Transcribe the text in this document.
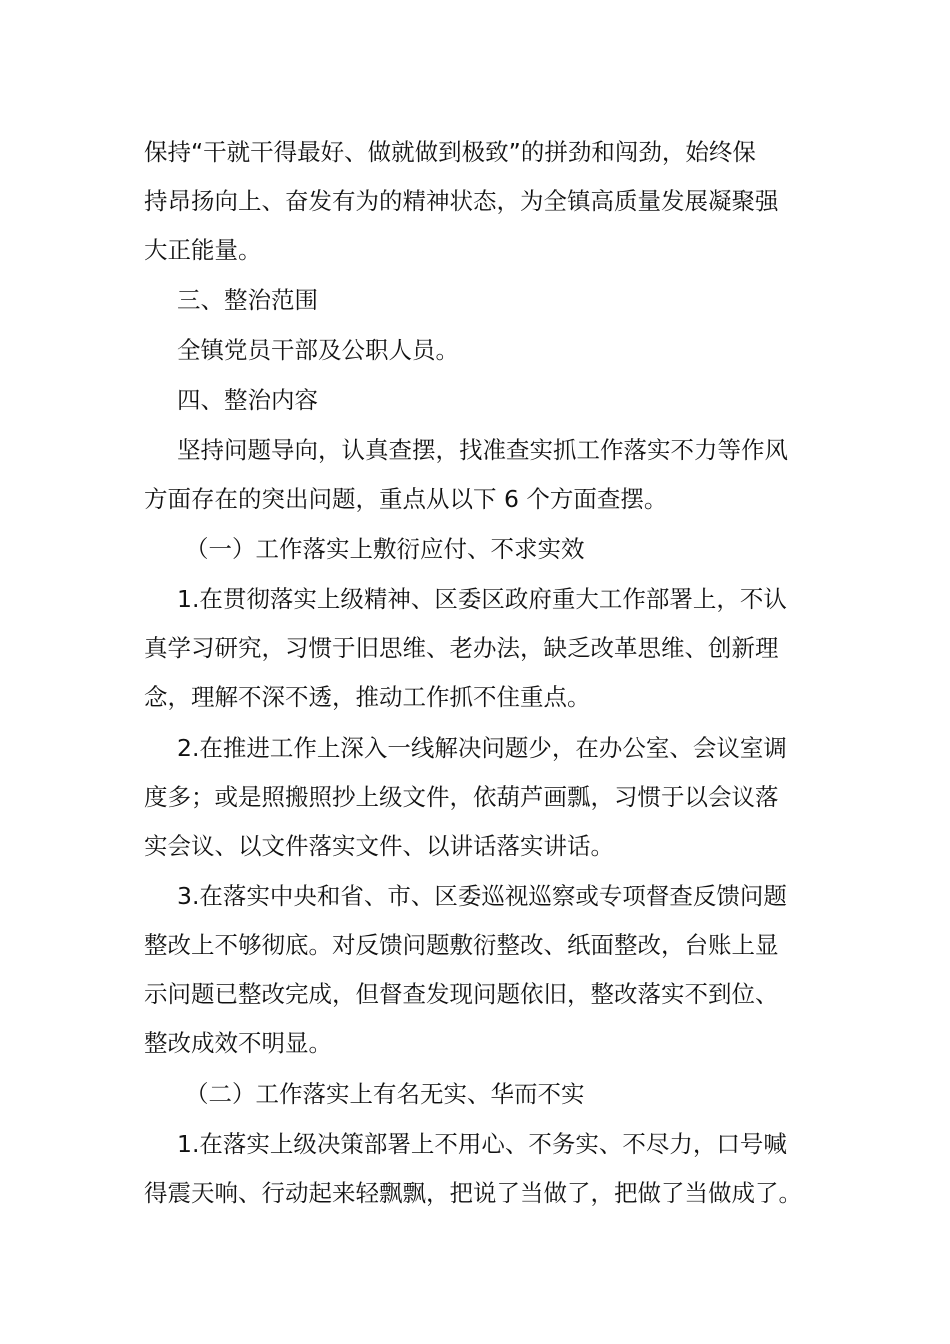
保持“干就干得最好、做就做到极致”的拼劲和闯劲，始终保
持昂扬向上、奋发有为的精神状态，为全镇高质量发展凝聚强
大正能量。
三、整治范围
全镇党员干部及公职人员。
四、整治内容
坚持问题导向，认真查摆，找准查实抓工作落实不力等作风
方面存在的突出问题，重点从以下 6 个方面查摆。
（一）工作落实上敷衍应付、不求实效
1.在贯彻落实上级精神、区委区政府重大工作部署上，不认
真学习研究，习惯于旧思维、老办法，缺乏改革思维、创新理
念，理解不深不透，推动工作抓不住重点。
2.在推进工作上深入一线解决问题少，在办公室、会议室调
度多；或是照搬照抄上级文件，依葫芦画瓢，习惯于以会议落
实会议、以文件落实文件、以讲话落实讲话。
3.在落实中央和省、市、区委巡视巡察或专项督查反馈问题
整改上不够彻底。对反馈问题敷衍整改、纸面整改，台账上显
示问题已整改完成，但督查发现问题依旧，整改落实不到位、
整改成效不明显。
（二）工作落实上有名无实、华而不实
1.在落实上级决策部署上不用心、不务实、不尽力，口号喊
得震天响、行动起来轻飘飘，把说了当做了，把做了当做成了。
